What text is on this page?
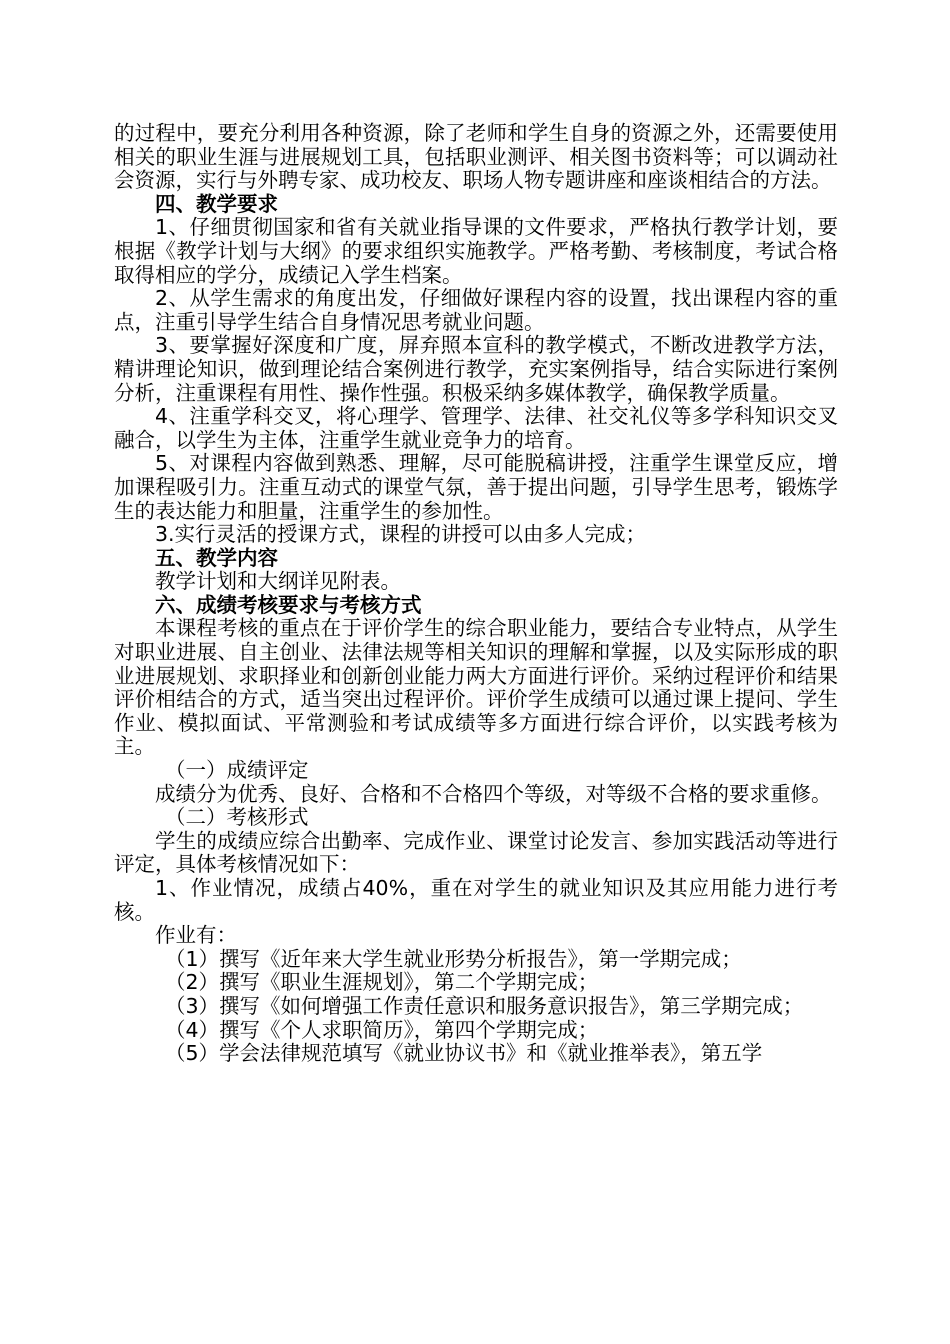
的过程中，要充分利用各种资源，除了老师和学生自身的资源之外，还需要使用相关的职业生涯与进展规划工具，包括职业测评、相关图书资料等；可以调动社会资源，实行与外聘专家、成功校友、职场人物专题讲座和座谈相结合的方法。

四、教学要求

1、仔细贯彻国家和省有关就业指导课的文件要求，严格执行教学计划，要根据《教学计划与大纲》的要求组织实施教学。严格考勤、考核制度，考试合格取得相应的学分，成绩记入学生档案。

2、从学生需求的角度出发，仔细做好课程内容的设置，找出课程内容的重点，注重引导学生结合自身情况思考就业问题。

3、要掌握好深度和广度，屏弃照本宣科的教学模式，不断改进教学方法，精讲理论知识，做到理论结合案例进行教学，充实案例指导，结合实际进行案例分析，注重课程有用性、操作性强。积极采纳多媒体教学，确保教学质量。

4、注重学科交叉，将心理学、管理学、法律、社交礼仪等多学科知识交叉融合，以学生为主体，注重学生就业竞争力的培育。

5、对课程内容做到熟悉、理解，尽可能脱稿讲授，注重学生课堂反应，增加课程吸引力。注重互动式的课堂气氛，善于提出问题，引导学生思考，锻炼学生的表达能力和胆量，注重学生的参加性。

3.实行灵活的授课方式，课程的讲授可以由多人完成；

五、教学内容

教学计划和大纲详见附表。

六、成绩考核要求与考核方式

本课程考核的重点在于评价学生的综合职业能力，要结合专业特点，从学生对职业进展、自主创业、法律法规等相关知识的理解和掌握，以及实际形成的职业进展规划、求职择业和创新创业能力两大方面进行评价。采纳过程评价和结果评价相结合的方式，适当突出过程评价。评价学生成绩可以通过课上提问、学生作业、模拟面试、平常测验和考试成绩等多方面进行综合评价，以实践考核为主。

（一）成绩评定

成绩分为优秀、良好、合格和不合格四个等级，对等级不合格的要求重修。

（二）考核形式

学生的成绩应综合出勤率、完成作业、课堂讨论发言、参加实践活动等进行评定，具体考核情况如下：

1、作业情况，成绩占40%，重在对学生的就业知识及其应用能力进行考核。

作业有：

（1）撰写《近年来大学生就业形势分析报告》，第一学期完成；

（2）撰写《职业生涯规划》，第二个学期完成；

（3）撰写《如何增强工作责任意识和服务意识报告》，第三学期完成；

（4）撰写《个人求职简历》，第四个学期完成；

（5）学会法律规范填写《就业协议书》和《就业推举表》，第五学
